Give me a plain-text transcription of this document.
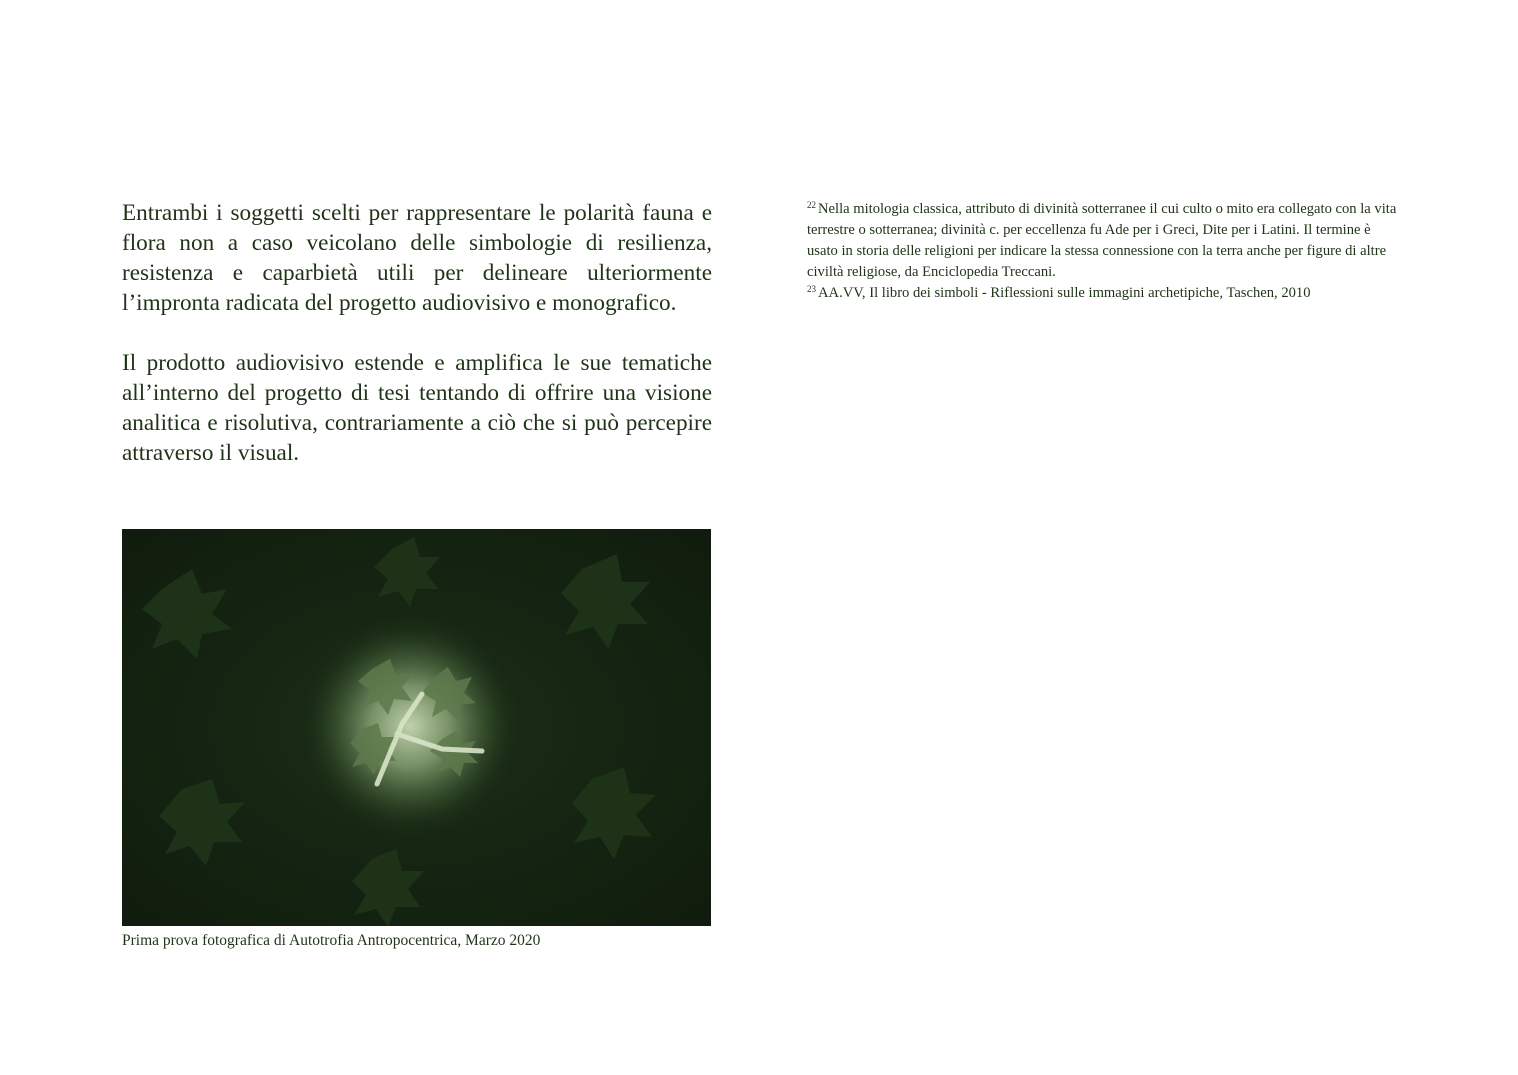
Entrambi i soggetti scelti per rappresentare le polarità fauna e flora non a caso veicolano delle simbologie di resilienza, resistenza e caparbietà utili per delineare ulteriormente l’impronta radicata del progetto audiovisivo e monografico.

Il prodotto audiovisivo estende e amplifica le sue tematiche all’interno del progetto di tesi tentando di offrire una visione analitica e risolutiva, contrariamente a ciò che si può percepire attraverso il visual.

Prima prova fotografica di Autotrofia Antropocentrica, Marzo 2020

$^{22}$ Nella mitologia classica, attributo di divinità sotterranee il cui culto o mito era collegato con la vita terrestre o sotterranea; divinità c. per eccellenza fu Ade per i Greci, Dite per i Latini. Il termine è usato in storia delle religioni per indicare la stessa connessione con la terra anche per figure di altre civiltà religiose, da Enciclopedia Treccani.

$^{23}$ AA.VV, Il libro dei simboli - Riflessioni sulle immagini archetipiche, Taschen, 2010
